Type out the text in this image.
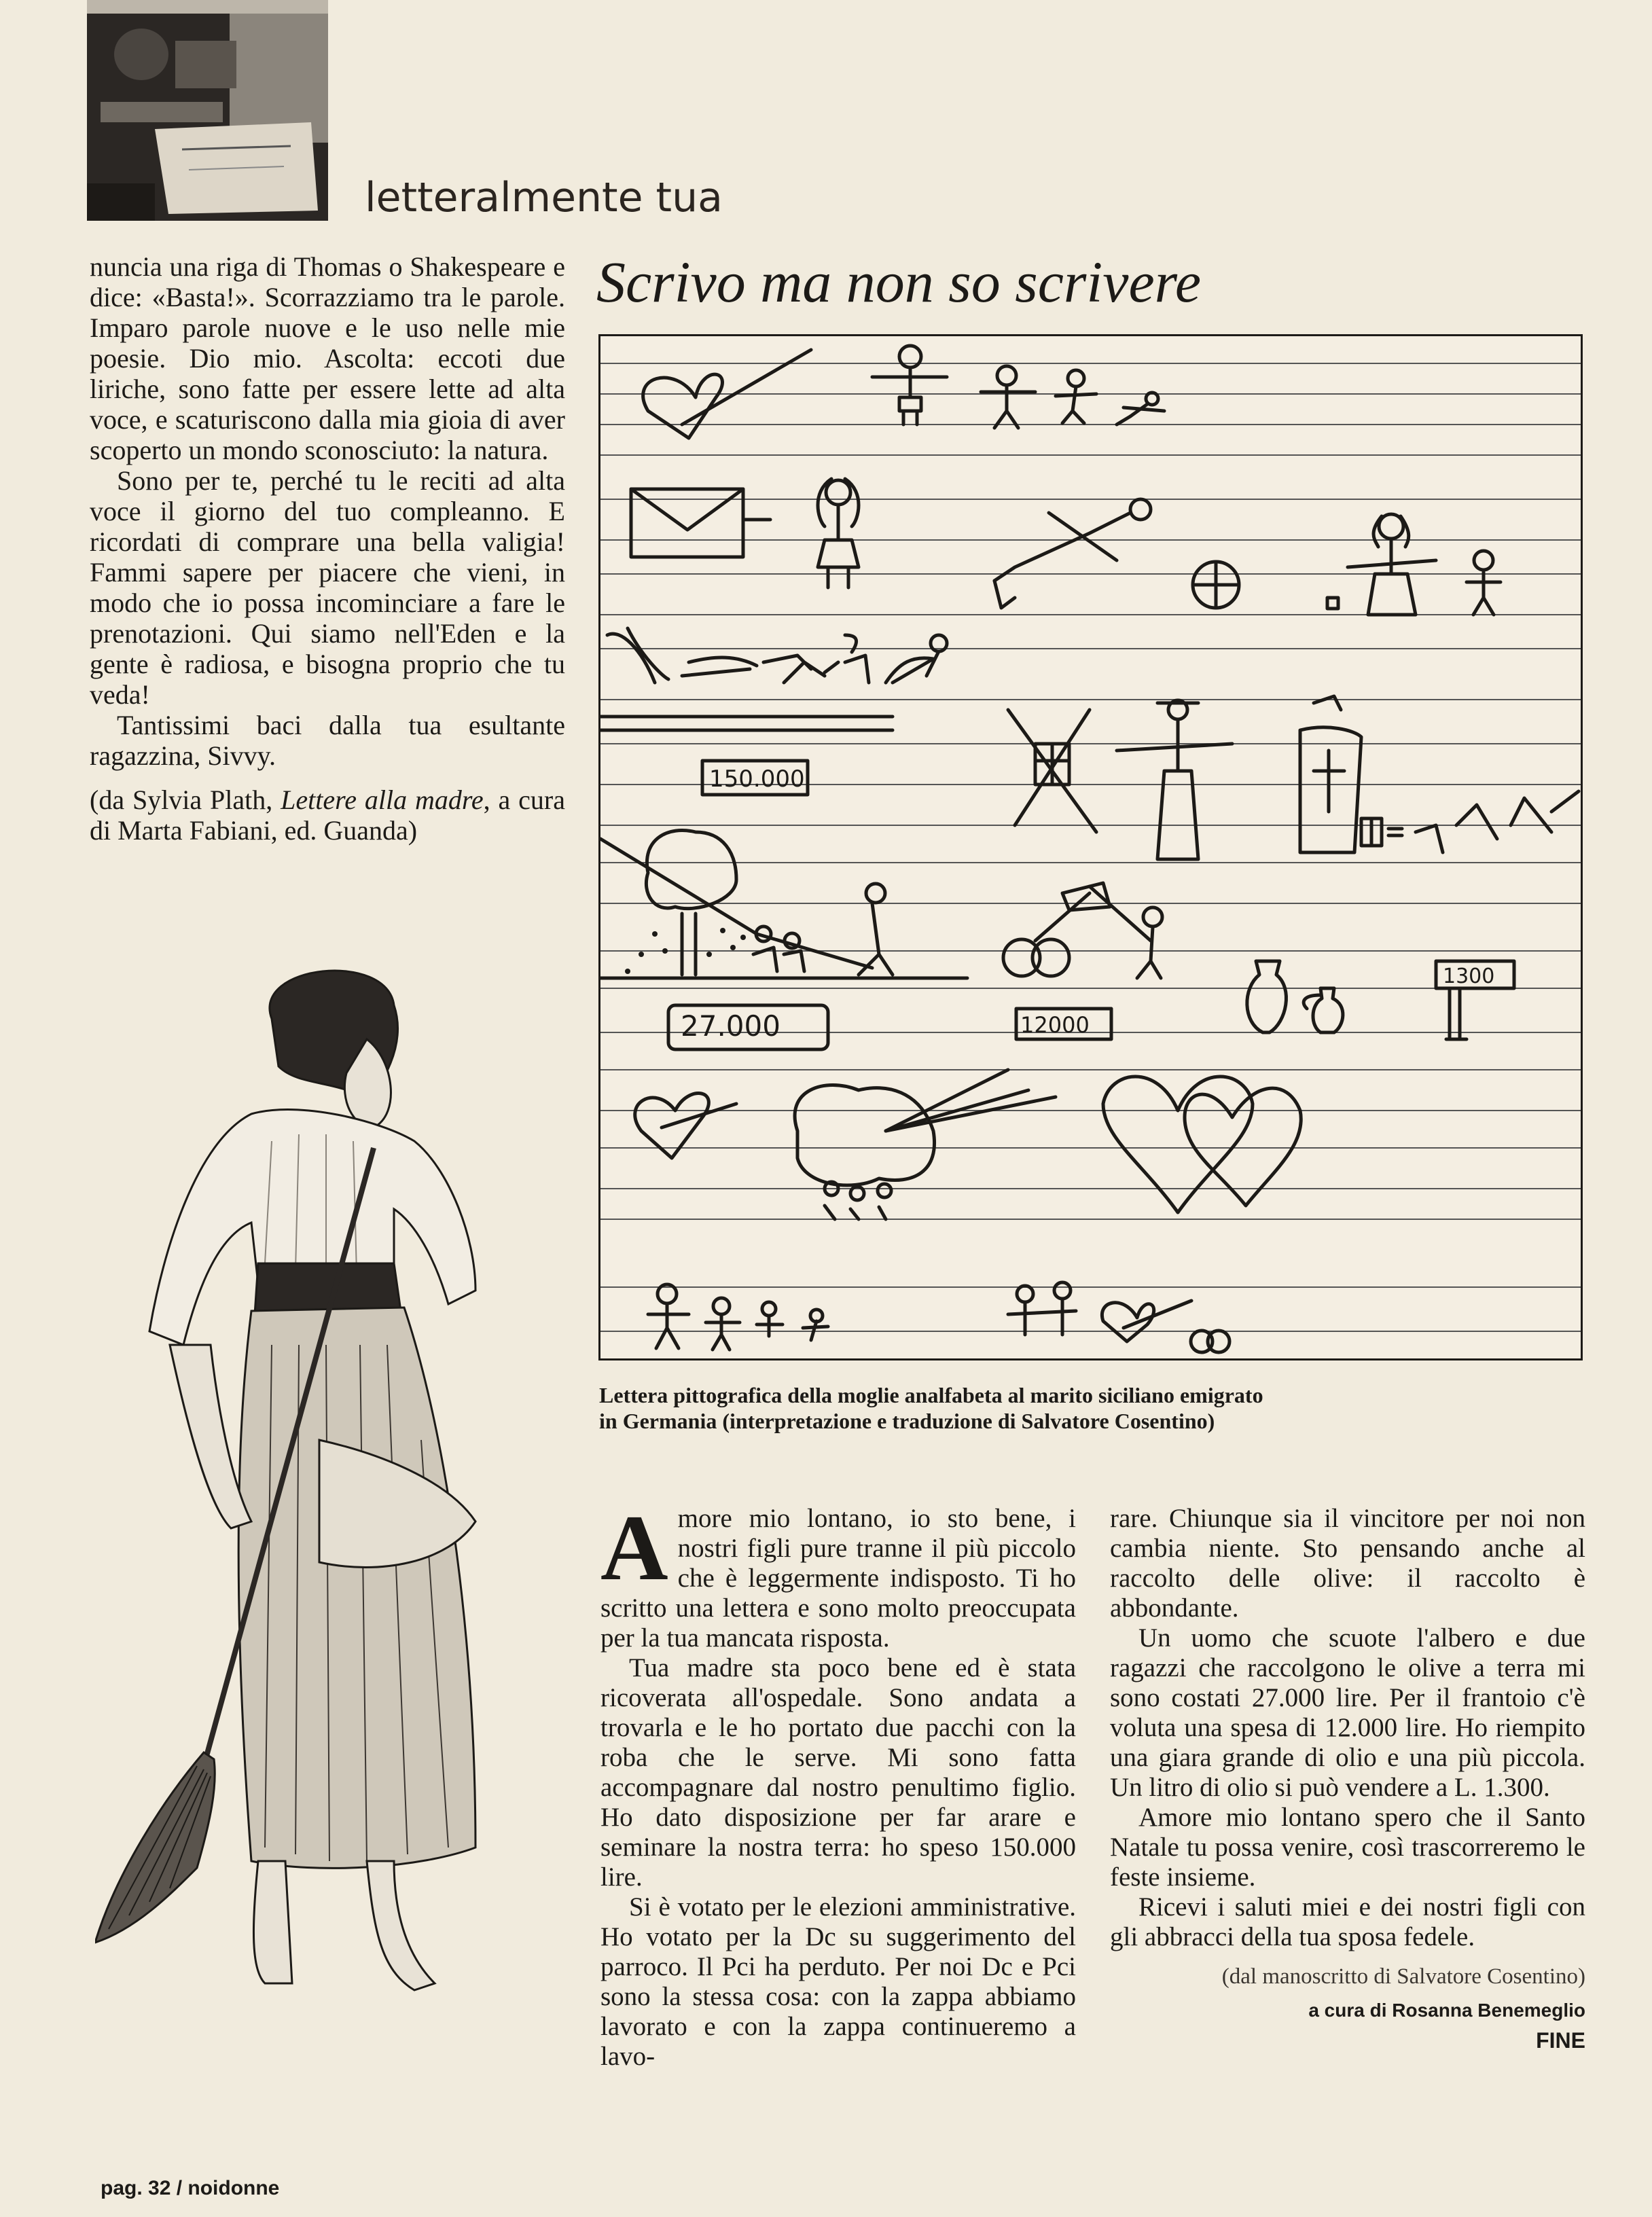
letteralmente tua

nuncia una riga di Thomas o Shakespeare e dice: «Basta!». Scorrazziamo tra le parole. Imparo parole nuove e le uso nelle mie poesie. Dio mio. Ascolta: eccoti due liriche, sono fatte per essere lette ad alta voce, e scaturiscono dalla mia gioia di aver scoperto un mondo sconosciuto: la natura.

Sono per te, perché tu le reciti ad alta voce il giorno del tuo compleanno. E ricordati di comprare una bella valigia! Fammi sapere per piacere che vieni, in modo che io possa incominciare a fare le prenotazioni. Qui siamo nell'Eden e la gente è radiosa, e bisogna proprio che tu veda!

Tantissimi baci dalla tua esultante ragazzina, Sivvy.

(da Sylvia Plath, Lettere alla madre, a cura di Marta Fabiani, ed. Guanda)

Scrivo ma non so scrivere
150.000
27.000	12000
1300
Lettera pittografica della moglie analfabeta al marito siciliano emigrato in Germania (interpretazione e traduzione di Salvatore Cosentino)
A more mio lontano, io sto bene, i nostri figli pure tranne il più piccolo che è leggermente indisposto. Ti ho scritto una lettera e sono molto preoccupata per la tua mancata risposta.

Tua madre sta poco bene ed è stata ricoverata all'ospedale. Sono andata a trovarla e le ho portato due pacchi con la roba che le serve. Mi sono fatta accompagnare dal nostro penultimo figlio. Ho dato disposizione per far arare e seminare la nostra terra: ho speso 150.000 lire.

Si è votato per le elezioni amministrative. Ho votato per la Dc su suggerimento del parroco. Il Pci ha perduto. Per noi Dc e Pci sono la stessa cosa: con la zappa abbiamo lavorato e con la zappa continueremo a lavo-

rare. Chiunque sia il vincitore per noi non cambia niente. Sto pensando anche al raccolto delle olive: il raccolto è abbondante.

Un uomo che scuote l'albero e due ragazzi che raccolgono le olive a terra mi sono costati 27.000 lire. Per il frantoio c'è voluta una spesa di 12.000 lire. Ho riempito una giara grande di olio e una più piccola. Un litro di olio si può vendere a L. 1.300.

Amore mio lontano spero che il Santo Natale tu possa venire, così trascorreremo le feste insieme.

Ricevi i saluti miei e dei nostri figli con gli abbracci della tua sposa fedele.

(dal manoscritto di Salvatore Cosentino)

a cura di Rosanna Benemeglio

FINE

pag. 32 / noidonne
